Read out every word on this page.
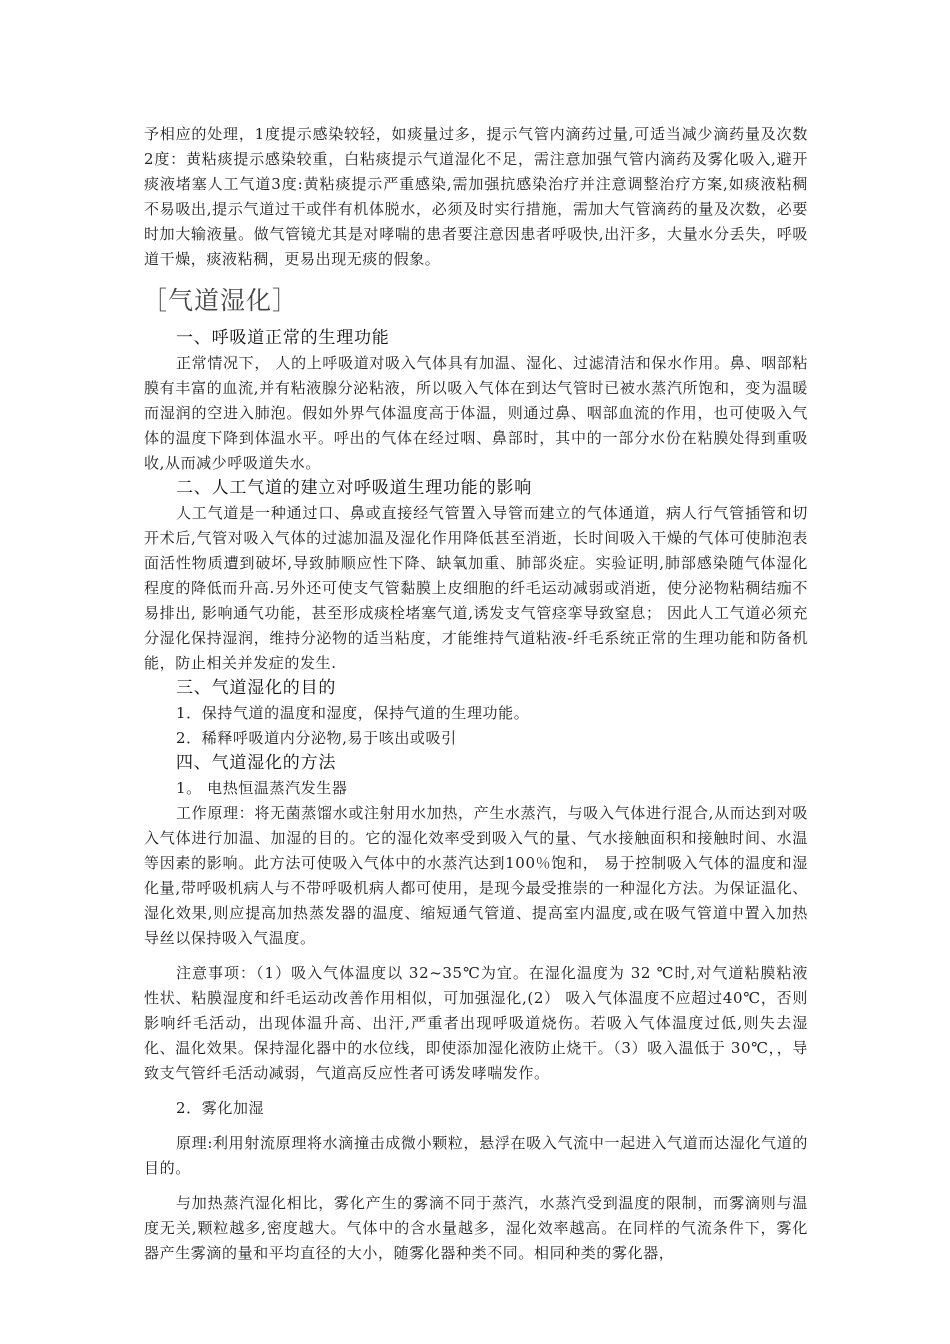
予相应的处理，1度提示感染较轻，如痰量过多，提示气管内滴药过量,可适当减少滴药量及次数2度：黄粘痰提示感染较重，白粘痰提示气道湿化不足，需注意加强气管内滴药及雾化吸入,避开痰液堵塞人工气道3度:黄粘痰提示严重感染,需加强抗感染治疗并注意调整治疗方案,如痰液粘稠不易吸出,提示气道过干或伴有机体脱水，必须及时实行措施，需加大气管滴药的量及次数，必要时加大输液量。做气管镜尤其是对哮喘的患者要注意因患者呼吸快,出汗多，大量水分丢失，呼吸道干燥，痰液粘稠，更易出现无痰的假象。

［气道湿化］

一、呼吸道正常的生理功能

正常情况下， 人的上呼吸道对吸入气体具有加温、湿化、过滤清洁和保水作用。鼻、咽部粘膜有丰富的血流,并有粘液腺分泌粘液，所以吸入气体在到达气管时已被水蒸汽所饱和，变为温暖而湿润的空进入肺泡。假如外界气体温度高于体温，则通过鼻、咽部血流的作用，也可使吸入气体的温度下降到体温水平。呼出的气体在经过咽、鼻部时，其中的一部分水份在粘膜处得到重吸收,从而减少呼吸道失水。

二、人工气道的建立对呼吸道生理功能的影响

人工气道是一种通过口、鼻或直接经气管置入导管而建立的气体通道，病人行气管插管和切开术后,气管对吸入气体的过滤加温及湿化作用降低甚至消逝，长时间吸入干燥的气体可使肺泡表面活性物质遭到破坏,导致肺顺应性下降、缺氧加重、肺部炎症。实验证明,肺部感染随气体湿化程度的降低而升高.另外还可使支气管黏膜上皮细胞的纤毛运动减弱或消逝，使分泌物粘稠结痂不易排出, 影响通气功能，甚至形成痰栓堵塞气道,诱发支气管痉挛导致窒息； 因此人工气道必须充分湿化保持湿润，维持分泌物的适当粘度，才能维持气道粘液-纤毛系统正常的生理功能和防备机能，防止相关并发症的发生.

三、气道湿化的目的

1．保持气道的温度和湿度，保持气道的生理功能。

2．稀释呼吸道内分泌物,易于咳出或吸引

四、气道湿化的方法

1。 电热恒温蒸汽发生器

工作原理：将无菌蒸馏水或注射用水加热，产生水蒸汽，与吸入气体进行混合,从而达到对吸入气体进行加温、加湿的目的。它的湿化效率受到吸入气的量、气水接触面积和接触时间、水温等因素的影响。此方法可使吸入气体中的水蒸汽达到100％饱和， 易于控制吸入气体的温度和湿化量,带呼吸机病人与不带呼吸机病人都可使用，是现今最受推崇的一种湿化方法。为保证温化、湿化效果,则应提高加热蒸发器的温度、缩短通气管道、提高室内温度,或在吸气管道中置入加热导丝以保持吸入气温度。

注意事项：（1）吸入气体温度以 32~35℃为宜。在湿化温度为 32 ℃时,对气道粘膜粘液性状、粘膜湿度和纤毛运动改善作用相似，可加强湿化,(2） 吸入气体温度不应超过40℃，否则影响纤毛活动，出现体温升高、出汗,严重者出现呼吸道烧伤。若吸入气体温度过低,则失去湿化、温化效果。保持湿化器中的水位线，即使添加湿化液防止烧干。（3）吸入温低于 30℃，，导致支气管纤毛活动减弱，气道高反应性者可诱发哮喘发作。

2．雾化加湿

原理:利用射流原理将水滴撞击成微小颗粒，悬浮在吸入气流中一起进入气道而达湿化气道的目的。

与加热蒸汽湿化相比，雾化产生的雾滴不同于蒸汽，水蒸汽受到温度的限制，而雾滴则与温度无关,颗粒越多,密度越大。气体中的含水量越多，湿化效率越高。在同样的气流条件下，雾化器产生雾滴的量和平均直径的大小，随雾化器种类不同。相同种类的雾化器，
